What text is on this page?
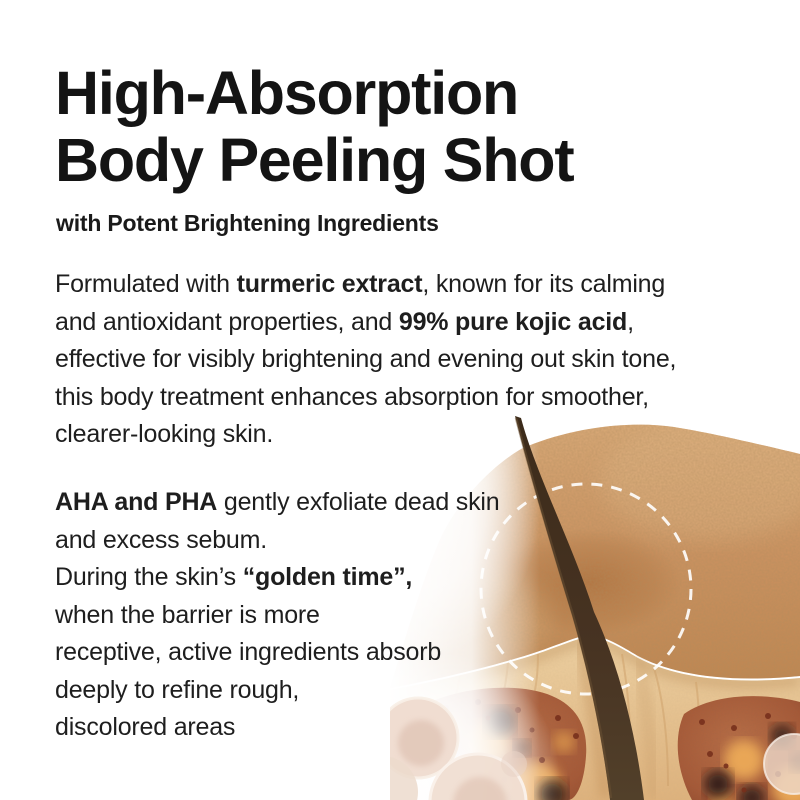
High-Absorption
Body Peeling Shot
with Potent Brightening Ingredients
Formulated with turmeric extract, known for its calming
and antioxidant properties, and 99% pure kojic acid,
effective for visibly brightening and evening out skin tone,
this body treatment enhances absorption for smoother,
clearer-looking skin.
AHA and PHA gently exfoliate dead skin
and excess sebum.
During the skin’s “golden time”,
when the barrier is more
receptive, active ingredients absorb
deeply to refine rough,
discolored areas
